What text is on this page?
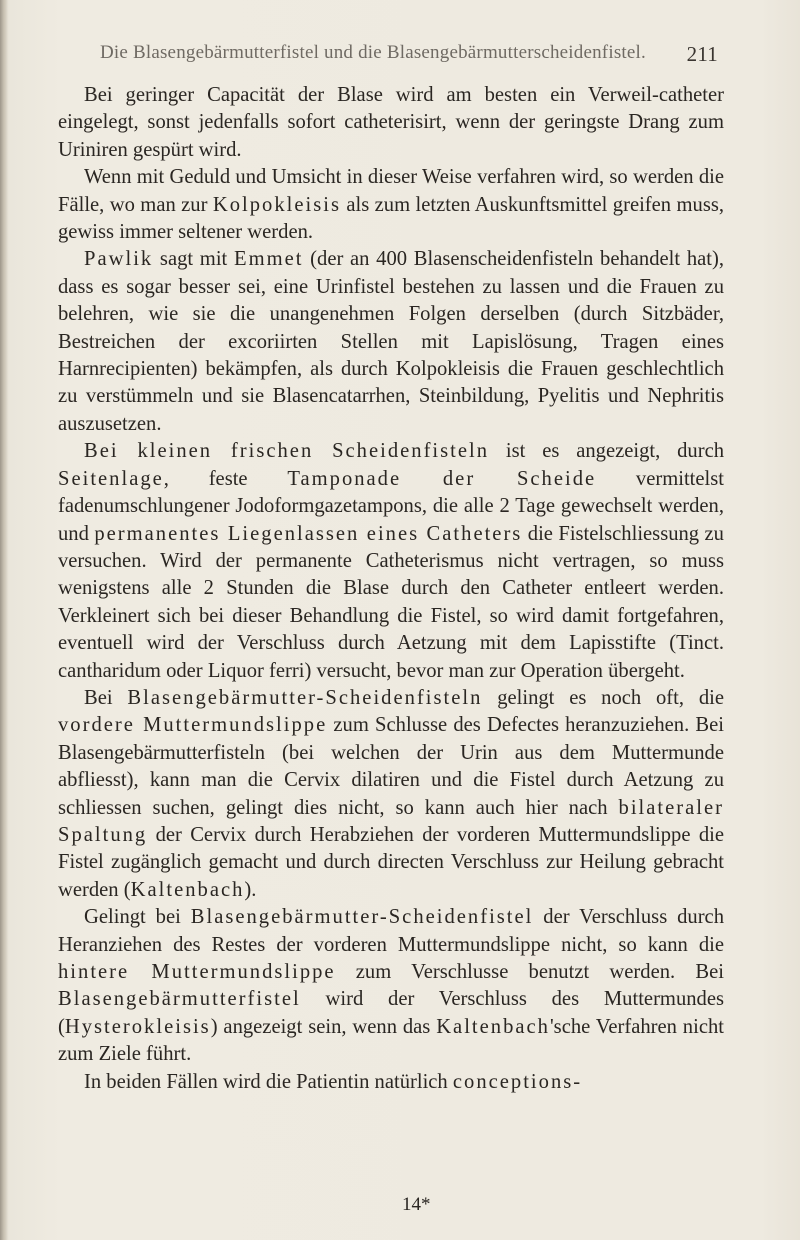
Die Blasengebärmutterfistel und die Blasengebärmutterscheidenfistel. 211

Bei geringer Capacität der Blase wird am besten ein Verweil-catheter eingelegt, sonst jedenfalls sofort catheterisirt, wenn der geringste Drang zum Uriniren gespürt wird.

Wenn mit Geduld und Umsicht in dieser Weise verfahren wird, so werden die Fälle, wo man zur Kolpokleisis als zum letzten Auskunftsmittel greifen muss, gewiss immer seltener werden.

Pawlik sagt mit Emmet (der an 400 Blasenscheidenfisteln behandelt hat), dass es sogar besser sei, eine Urinfistel bestehen zu lassen und die Frauen zu belehren, wie sie die unangenehmen Folgen derselben (durch Sitzbäder, Bestreichen der excoriirten Stellen mit Lapislösung, Tragen eines Harnrecipienten) bekämpfen, als durch Kolpokleisis die Frauen geschlechtlich zu verstümmeln und sie Blasencatarrhen, Steinbildung, Pyelitis und Nephritis auszusetzen.

Bei kleinen frischen Scheidenfisteln ist es angezeigt, durch Seitenlage, feste Tamponade der Scheide vermittelst fadenumschlungener Jodoformgazetampons, die alle 2 Tage gewechselt werden, und permanentes Liegenlassen eines Catheters die Fistelschliessung zu versuchen. Wird der permanente Catheterismus nicht vertragen, so muss wenigstens alle 2 Stunden die Blase durch den Catheter entleert werden. Verkleinert sich bei dieser Behandlung die Fistel, so wird damit fortgefahren, eventuell wird der Verschluss durch Aetzung mit dem Lapisstifte (Tinct. cantharidum oder Liquor ferri) versucht, bevor man zur Operation übergeht.

Bei Blasengebärmutter-Scheidenfisteln gelingt es noch oft, die vordere Muttermundslippe zum Schlusse des Defectes heranzuziehen. Bei Blasengebärmutterfisteln (bei welchen der Urin aus dem Muttermunde abfliesst), kann man die Cervix dilatiren und die Fistel durch Aetzung zu schliessen suchen, gelingt dies nicht, so kann auch hier nach bilateraler Spaltung der Cervix durch Herabziehen der vorderen Muttermundslippe die Fistel zugänglich gemacht und durch directen Verschluss zur Heilung gebracht werden (Kaltenbach).

Gelingt bei Blasengebärmutter-Scheidenfistel der Verschluss durch Heranziehen des Restes der vorderen Muttermundslippe nicht, so kann die hintere Muttermundslippe zum Verschlusse benutzt werden. Bei Blasengebärmutterfistel wird der Verschluss des Muttermundes (Hysterokleisis) angezeigt sein, wenn das Kaltenbach'sche Verfahren nicht zum Ziele führt.

In beiden Fällen wird die Patientin natürlich conceptions-

14*
